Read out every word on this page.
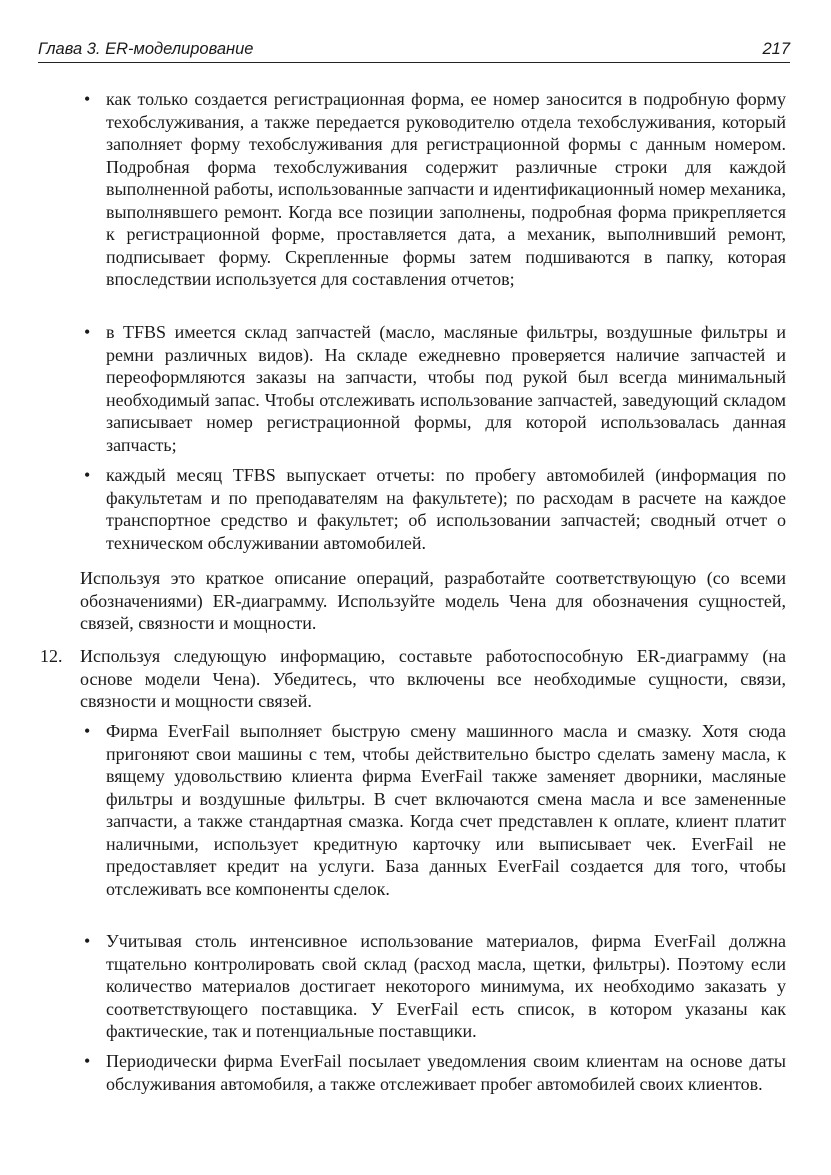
Глава 3. ER-моделирование	217
• как только создается регистрационная форма, ее номер заносится в подробную форму техобслуживания, а также передается руководителю отдела техобслуживания, который заполняет форму техобслуживания для регистрационной формы с данным номером. Подробная форма техобслуживания содержит различные строки для каждой выполненной работы, использованные запчасти и идентификационный номер механика, выполнявшего ремонт. Когда все позиции заполнены, подробная форма прикрепляется к регистрационной форме, проставляется дата, а механик, выполнивший ремонт, подписывает форму. Скрепленные формы затем подшиваются в папку, которая впоследствии используется для составления отчетов;

• в TFBS имеется склад запчастей (масло, масляные фильтры, воздушные фильтры и ремни различных видов). На складе ежедневно проверяется наличие запчастей и переоформляются заказы на запчасти, чтобы под рукой был всегда минимальный необходимый запас. Чтобы отслеживать использование запчастей, заведующий складом записывает номер регистрационной формы, для которой использовалась данная запчасть;

• каждый месяц TFBS выпускает отчеты: по пробегу автомобилей (информация по факультетам и по преподавателям на факультете); по расходам в расчете на каждое транспортное средство и факультет; об использовании запчастей; сводный отчет о техническом обслуживании автомобилей.

Используя это краткое описание операций, разработайте соответствующую (со всеми обозначениями) ER-диаграмму. Используйте модель Чена для обозначения сущностей, связей, связности и мощности.

12. Используя следующую информацию, составьте работоспособную ER-диаграмму (на основе модели Чена). Убедитесь, что включены все необходимые сущности, связи, связности и мощности связей.

• Фирма EverFail выполняет быструю смену машинного масла и смазку. Хотя сюда пригоняют свои машины с тем, чтобы действительно быстро сделать замену масла, к вящему удовольствию клиента фирма EverFail также заменяет дворники, масляные фильтры и воздушные фильтры. В счет включаются смена масла и все замененные запчасти, а также стандартная смазка. Когда счет представлен к оплате, клиент платит наличными, использует кредитную карточку или выписывает чек. EverFail не предоставляет кредит на услуги. База данных EverFail создается для того, чтобы отслеживать все компоненты сделок.

• Учитывая столь интенсивное использование материалов, фирма EverFail должна тщательно контролировать свой склад (расход масла, щетки, фильтры). Поэтому если количество материалов достигает некоторого минимума, их необходимо заказать у соответствующего поставщика. У EverFail есть список, в котором указаны как фактические, так и потенциальные поставщики.

• Периодически фирма EverFail посылает уведомления своим клиентам на основе даты обслуживания автомобиля, а также отслеживает пробег автомобилей своих клиентов.
